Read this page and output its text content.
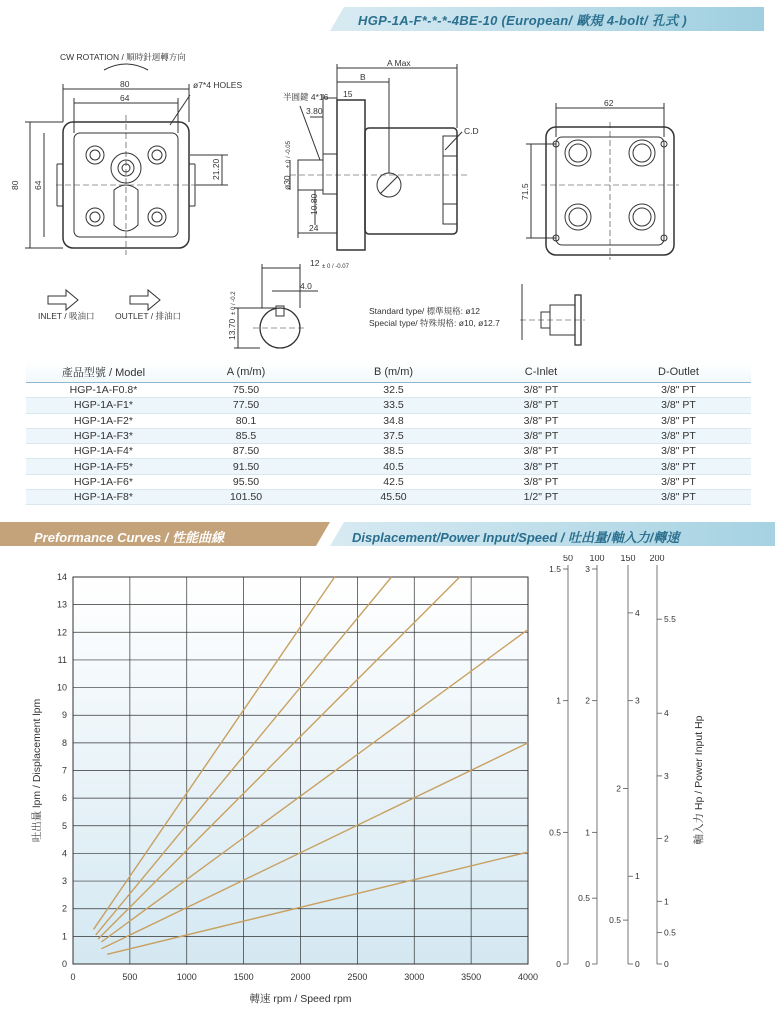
HGP-1A-F*-*-*-4BE-10 (European/ 歐規 4-bolt/ 孔式 )
CW ROTATION / 順時針迴轉方向
ø7*4 HOLES
80
64
80 64
21.20
A Max
B
半圓鍵 4*16 15
3.80
C.D
ø30
± 0 / -0.05
10.80
24
62
71.5
12 ± 0 / -0.07
4.0
13.70
± 0 / -0.2
INLET / 吸油口 OUTLET / 排油口	Standard type/ 標準規格: ø12
Special type/ 特殊規格: ø10, ø12.7
產品型號 / Model	A (m/m)	B (m/m)	C-Inlet	D-Outlet
HGP-1A-F0.8*	75.50	32.5	3/8" PT	3/8" PT
HGP-1A-F1*	77.50	33.5	3/8" PT	3/8" PT
HGP-1A-F2*	80.1	34.8	3/8" PT	3/8" PT
HGP-1A-F3*	85.5	37.5	3/8" PT	3/8" PT
HGP-1A-F4*	87.50	38.5	3/8" PT	3/8" PT
HGP-1A-F5*	91.50	40.5	3/8" PT	3/8" PT
HGP-1A-F6*	95.50	42.5	3/8" PT	3/8" PT
HGP-1A-F8*	101.50	45.50	1/2" PT	3/8" PT
Preformance Curves / 性能曲線	Displacement/Power Input/Speed / 吐出量/軸入力/轉速
0	500	1000	1500	2000	2500	3000	3500	4000
0
1
2
3
4
5
6
7
8
9
10
11
12
13
14
50
0
0.5
1
1.5
100
0
0.5
1
2
3
150
0
0.5
1
2
3
4
200
0
0.5
1
2
3
4
5.5
轉速 rpm / Speed rpm
吐出量 lpm / Displacement lpm	軸入力 Hp / Power Input Hp
